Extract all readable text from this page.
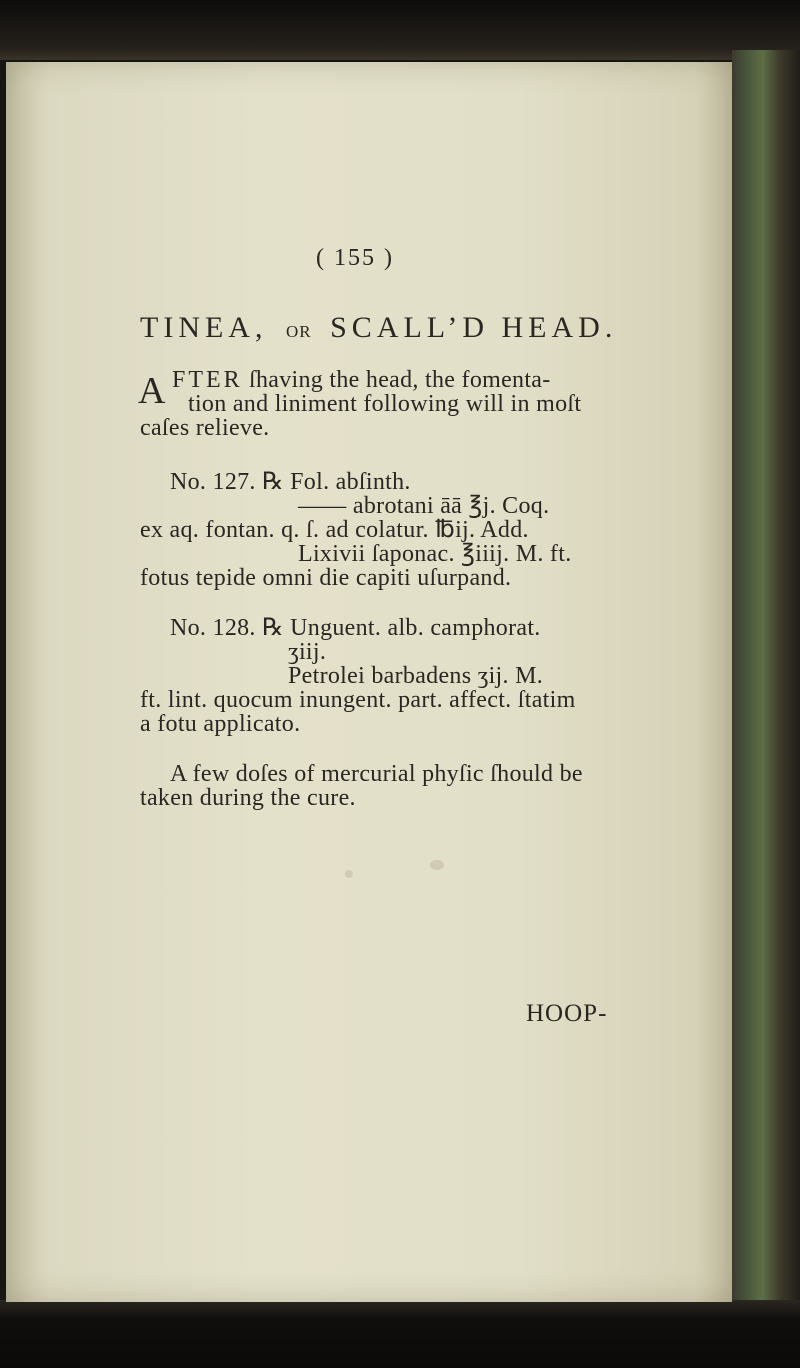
( 155 )
TINEA, OR SCALL’D HEAD.
A FTER ſhaving the head, the fomenta-
tion and liniment following will in moſt
caſes relieve.
No. 127. ℞ Fol. abſinth.
—— abrotani āā ℥j. Coq.
ex aq. fontan. q. ſ. ad colatur. ℔ij. Add.
Lixivii ſaponac. ℥iiij. M. ft.
fotus tepide omni die capiti uſurpand.
No. 128. ℞ Unguent. alb. camphorat.
ʒiij.
Petrolei barbadens ʒij. M.
ft. lint. quocum inungent. part. affect. ſtatim
a fotu applicato.
A few doſes of mercurial phyſic ſhould be
taken during the cure.
HOOP-
